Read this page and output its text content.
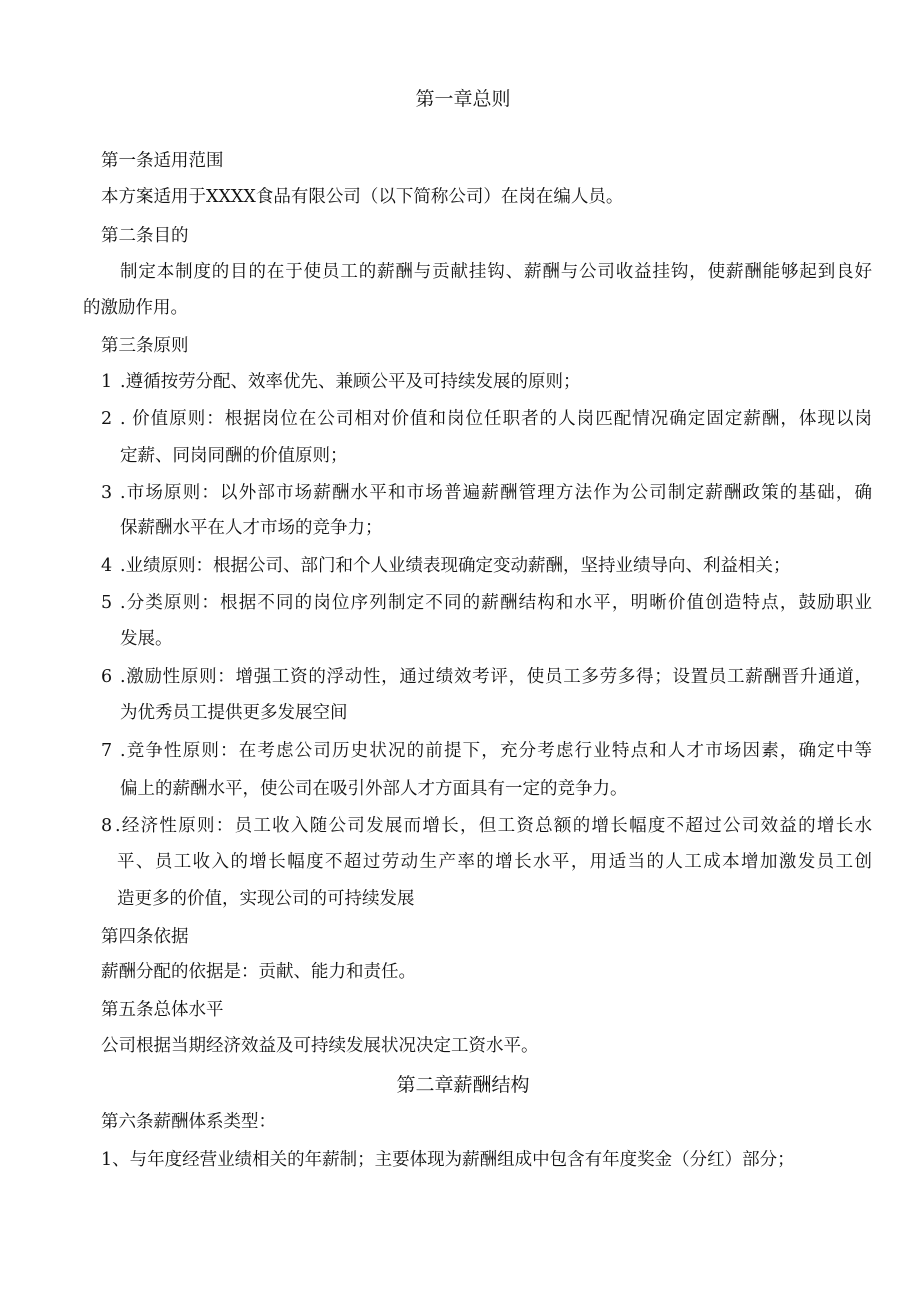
第一章总则
第一条适用范围
本方案适用于XXXX食品有限公司（以下简称公司）在岗在编人员。
第二条目的
制定本制度的目的在于使员工的薪酬与贡献挂钩、薪酬与公司收益挂钩，使薪酬能够起到良好
的激励作用。
第三条原则
1 .遵循按劳分配、效率优先、兼顾公平及可持续发展的原则；
2 . 价值原则：根据岗位在公司相对价值和岗位任职者的人岗匹配情况确定固定薪酬，体现以岗
定薪、同岗同酬的价值原则；
3 .市场原则：以外部市场薪酬水平和市场普遍薪酬管理方法作为公司制定薪酬政策的基础，确
保薪酬水平在人才市场的竞争力；
4 .业绩原则：根据公司、部门和个人业绩表现确定变动薪酬，坚持业绩导向、利益相关；
5 .分类原则：根据不同的岗位序列制定不同的薪酬结构和水平，明晰价值创造特点，鼓励职业
发展。
6 .激励性原则：增强工资的浮动性，通过绩效考评，使员工多劳多得；设置员工薪酬晋升通道，
为优秀员工提供更多发展空间
7 .竞争性原则：在考虑公司历史状况的前提下，充分考虑行业特点和人才市场因素，确定中等
偏上的薪酬水平，使公司在吸引外部人才方面具有一定的竞争力。
8 .经济性原则：员工收入随公司发展而增长，但工资总额的增长幅度不超过公司效益的增长水
平、员工收入的增长幅度不超过劳动生产率的增长水平，用适当的人工成本增加激发员工创
造更多的价值，实现公司的可持续发展
第四条依据
薪酬分配的依据是：贡献、能力和责任。
第五条总体水平
公司根据当期经济效益及可持续发展状况决定工资水平。
第二章薪酬结构
第六条薪酬体系类型：
1、与年度经营业绩相关的年薪制；主要体现为薪酬组成中包含有年度奖金（分红）部分；
